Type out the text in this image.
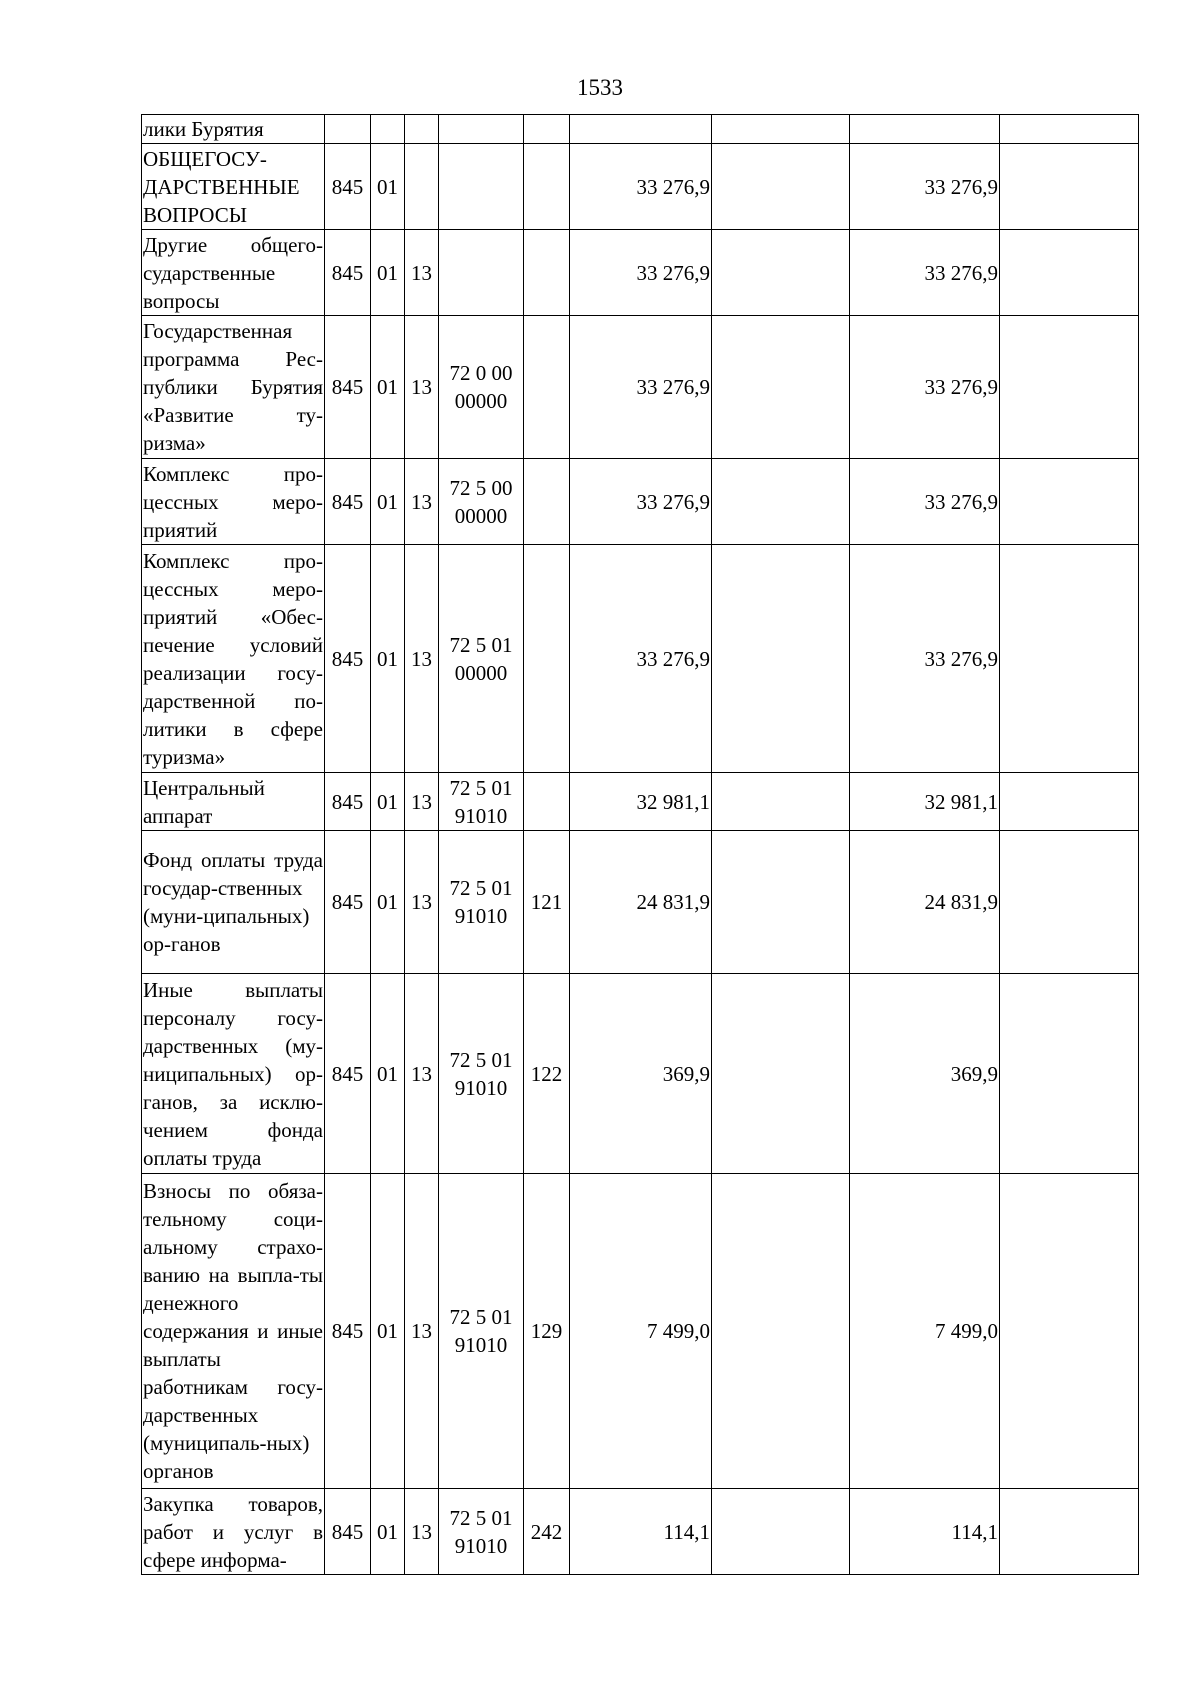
1533
лики Бурятия									
ОБЩЕГОСУ-ДАРСТВЕННЫЕ ВОПРОСЫ	845	01				33 276,9		33 276,9	
Другие общего-сударственные вопросы	845	01	13			33 276,9		33 276,9	
Государственная программа Рес-публики Бурятия «Развитие ту-ризма»	845	01	13	72 0 00 00000		33 276,9		33 276,9	
Комплекс про-цессных меро-приятий	845	01	13	72 5 00 00000		33 276,9		33 276,9	
Комплекс про-цессных меро-приятий «Обес-печение условий реализации госу-дарственной по-литики в сфере туризма»	845	01	13	72 5 01 00000		33 276,9		33 276,9	
Центральный аппарат	845	01	13	72 5 01 91010		32 981,1		32 981,1	
Фонд оплаты труда государ-ственных (муни-ципальных) ор-ганов	845	01	13	72 5 01 91010	121	24 831,9		24 831,9	
Иные выплаты персоналу госу-дарственных (му-ниципальных) ор-ганов, за исклю-чением фонда оплаты труда	845	01	13	72 5 01 91010	122	369,9		369,9	
Взносы по обяза-тельному соци-альному страхо-ванию на выпла-ты денежного содержания и иные выплаты работникам госу-дарственных (муниципаль-ных) органов	845	01	13	72 5 01 91010	129	7 499,0		7 499,0	
Закупка товаров, работ и услуг в сфере информа-	845	01	13	72 5 01 91010	242	114,1		114,1	
